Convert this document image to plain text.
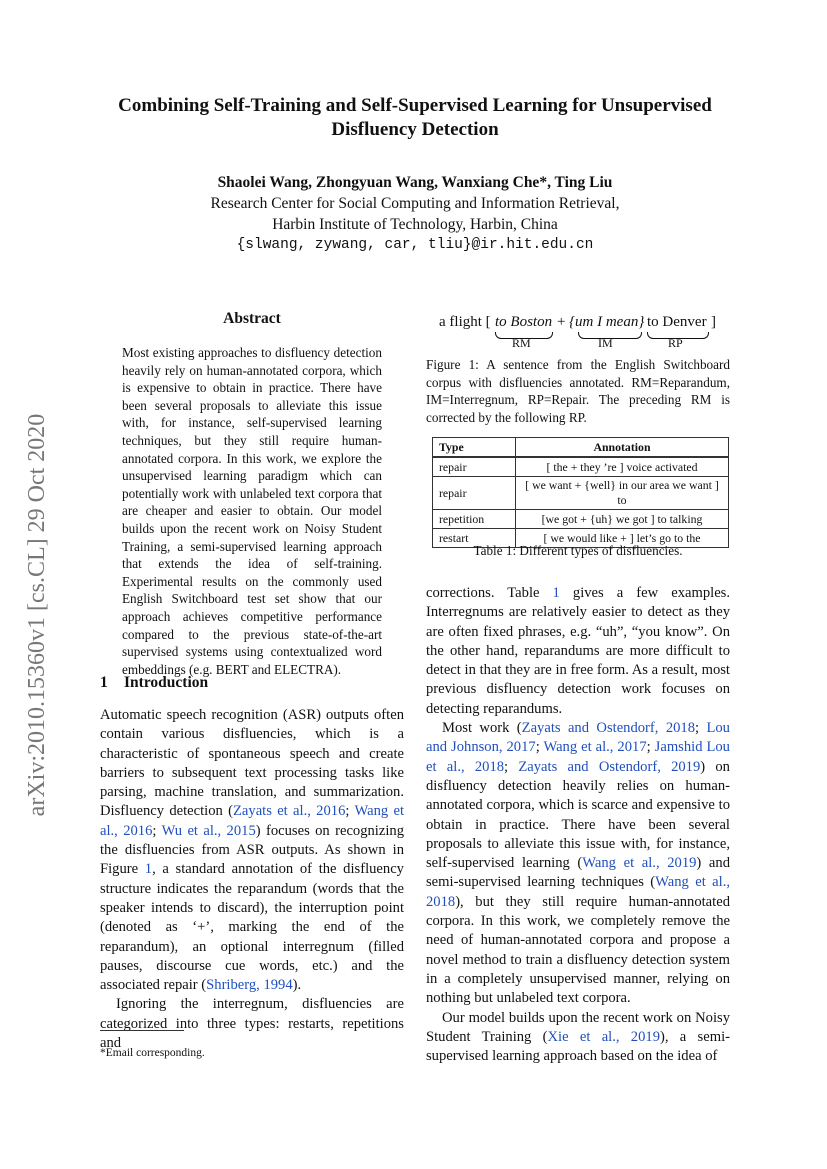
Combining Self-Training and Self-Supervised Learning for Unsupervised
Disfluency Detection
Shaolei Wang, Zhongyuan Wang, Wanxiang Che*, Ting Liu
Research Center for Social Computing and Information Retrieval,
Harbin Institute of Technology, Harbin, China
{slwang, zywang, car, tliu}@ir.hit.edu.cn
arXiv:2010.15360v1 [cs.CL] 29 Oct 2020
Abstract
Most existing approaches to disfluency detection heavily rely on human-annotated corpora, which is expensive to obtain in practice. There have been several proposals to alleviate this issue with, for instance, self-supervised learning techniques, but they still require human-annotated corpora. In this work, we explore the unsupervised learning paradigm which can potentially work with unlabeled text corpora that are cheaper and easier to obtain. Our model builds upon the recent work on Noisy Student Training, a semi-supervised learning approach that extends the idea of self-training. Experimental results on the commonly used English Switchboard test set show that our approach achieves competitive performance compared to the previous state-of-the-art supervised systems using contextualized word embeddings (e.g. BERT and ELECTRA).
1 Introduction

Automatic speech recognition (ASR) outputs often contain various disfluencies, which is a characteristic of spontaneous speech and create barriers to subsequent text processing tasks like parsing, machine translation, and summarization. Disfluency detection (Zayats et al., 2016; Wang et al., 2016; Wu et al., 2015) focuses on recognizing the disfluencies from ASR outputs. As shown in Figure 1, a standard annotation of the disfluency structure indicates the reparandum (words that the speaker intends to discard), the interruption point (denoted as ‘+’, marking the end of the reparandum), an optional interregnum (filled pauses, discourse cue words, etc.) and the associated repair (Shriberg, 1994).

Ignoring the interregnum, disfluencies are categorized into three types: restarts, repetitions and

*Email corresponding.
a flight [ to Boston + {um I mean} to Denver ]
RM	IM	RP
Figure 1: A sentence from the English Switchboard corpus with disfluencies annotated. RM=Reparandum, IM=Interregnum, RP=Repair. The preceding RM is corrected by the following RP.
Type	Annotation
repair	[ the + they ’re ] voice activated
repair	[ we want + {well} in our area we want ] to
repetition	[we got + {uh} we got ] to talking
restart	[ we would like + ] let’s go to the
Table 1: Different types of disfluencies.

corrections. Table 1 gives a few examples. Interregnums are relatively easier to detect as they are often fixed phrases, e.g. “uh”, “you know”. On the other hand, reparandums are more difficult to detect in that they are in free form. As a result, most previous disfluency detection work focuses on detecting reparandums.

Most work (Zayats and Ostendorf, 2018; Lou and Johnson, 2017; Wang et al., 2017; Jamshid Lou et al., 2018; Zayats and Ostendorf, 2019) on disfluency detection heavily relies on human-annotated corpora, which is scarce and expensive to obtain in practice. There have been several proposals to alleviate this issue with, for instance, self-supervised learning (Wang et al., 2019) and semi-supervised learning techniques (Wang et al., 2018), but they still require human-annotated corpora. In this work, we completely remove the need of human-annotated corpora and propose a novel method to train a disfluency detection system in a completely unsupervised manner, relying on nothing but unlabeled text corpora.

Our model builds upon the recent work on Noisy Student Training (Xie et al., 2019), a semi-supervised learning approach based on the idea of
